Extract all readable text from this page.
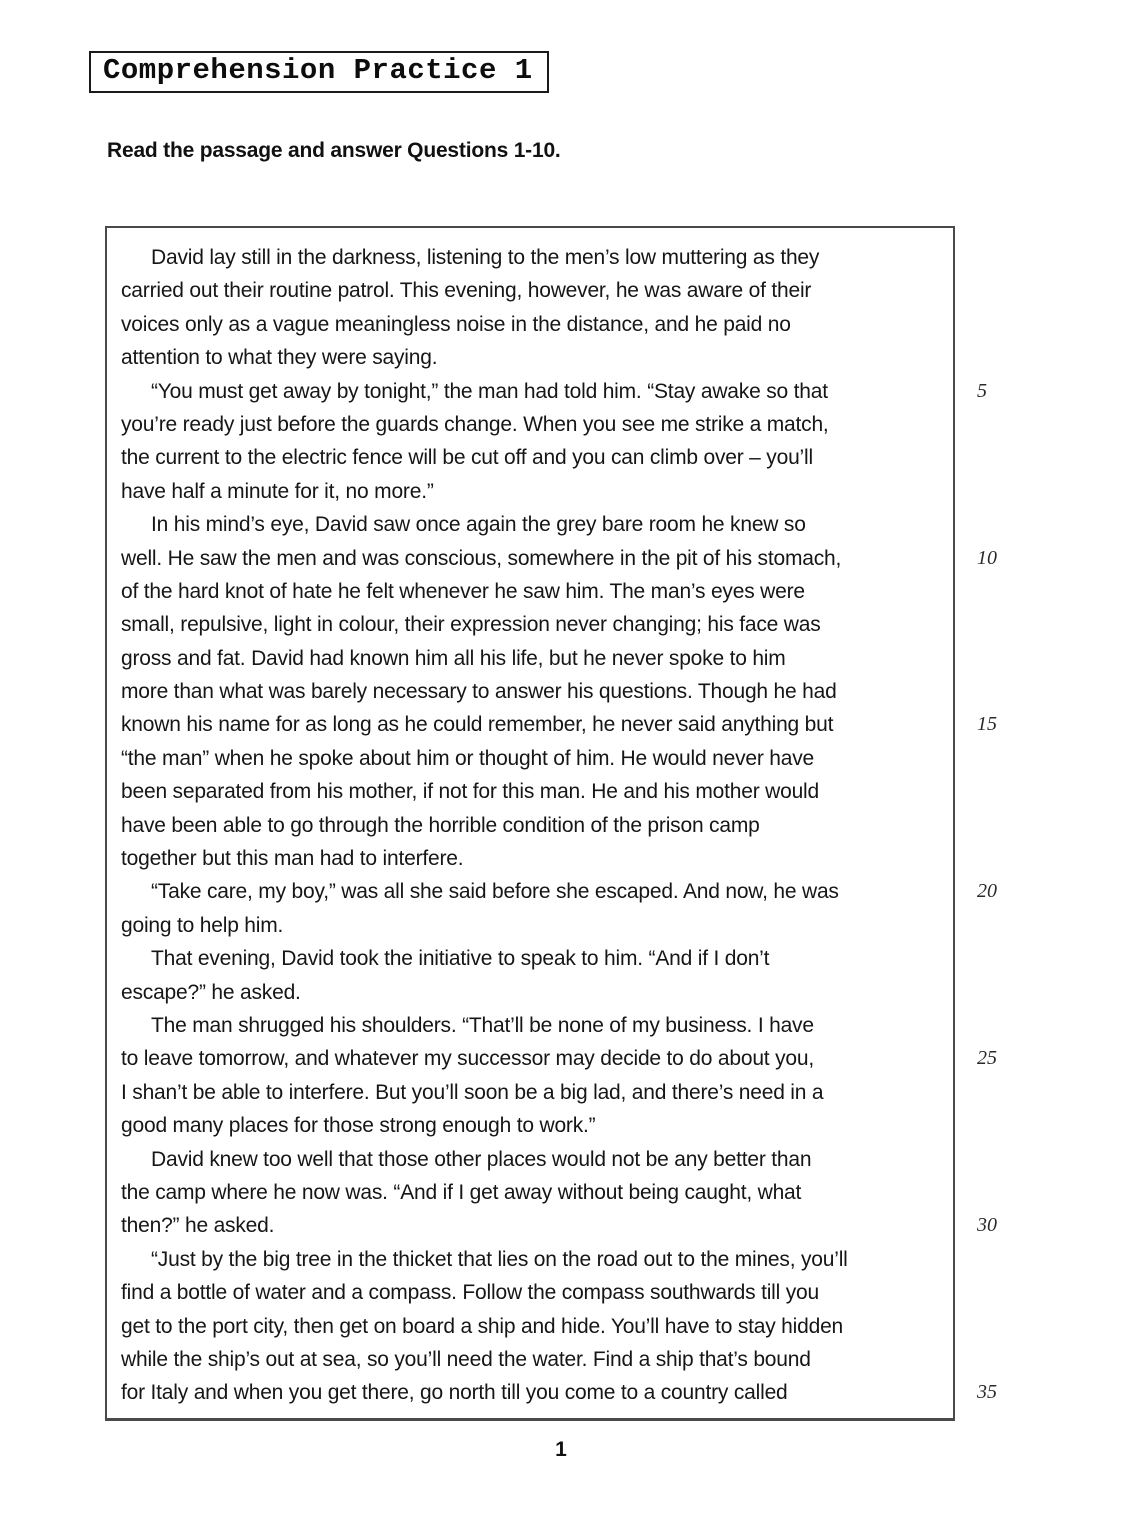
Comprehension Practice 1
Read the passage and answer Questions 1-10.
David lay still in the darkness, listening to the men’s low muttering as they
carried out their routine patrol. This evening, however, he was aware of their
voices only as a vague meaningless noise in the distance, and he paid no
attention to what they were saying.
“You must get away by tonight,” the man had told him. “Stay awake so that
you’re ready just before the guards change. When you see me strike a match,
the current to the electric fence will be cut off and you can climb over – you’ll
have half a minute for it, no more.”
In his mind’s eye, David saw once again the grey bare room he knew so
well. He saw the men and was conscious, somewhere in the pit of his stomach,
of the hard knot of hate he felt whenever he saw him. The man’s eyes were
small, repulsive, light in colour, their expression never changing; his face was
gross and fat. David had known him all his life, but he never spoke to him
more than what was barely necessary to answer his questions. Though he had
known his name for as long as he could remember, he never said anything but
“the man” when he spoke about him or thought of him. He would never have
been separated from his mother, if not for this man. He and his mother would
have been able to go through the horrible condition of the prison camp
together but this man had to interfere.
“Take care, my boy,” was all she said before she escaped. And now, he was
going to help him.
That evening, David took the initiative to speak to him. “And if I don’t
escape?” he asked.
The man shrugged his shoulders. “That’ll be none of my business. I have
to leave tomorrow, and whatever my successor may decide to do about you,
I shan’t be able to interfere. But you’ll soon be a big lad, and there’s need in a
good many places for those strong enough to work.”
David knew too well that those other places would not be any better than
the camp where he now was. “And if I get away without being caught, what
then?” he asked.
“Just by the big tree in the thicket that lies on the road out to the mines, you’ll
find a bottle of water and a compass. Follow the compass southwards till you
get to the port city, then get on board a ship and hide. You’ll have to stay hidden
while the ship’s out at sea, so you’ll need the water. Find a ship that’s bound
for Italy and when you get there, go north till you come to a country called
5
10
15
20
25
30
35
1
